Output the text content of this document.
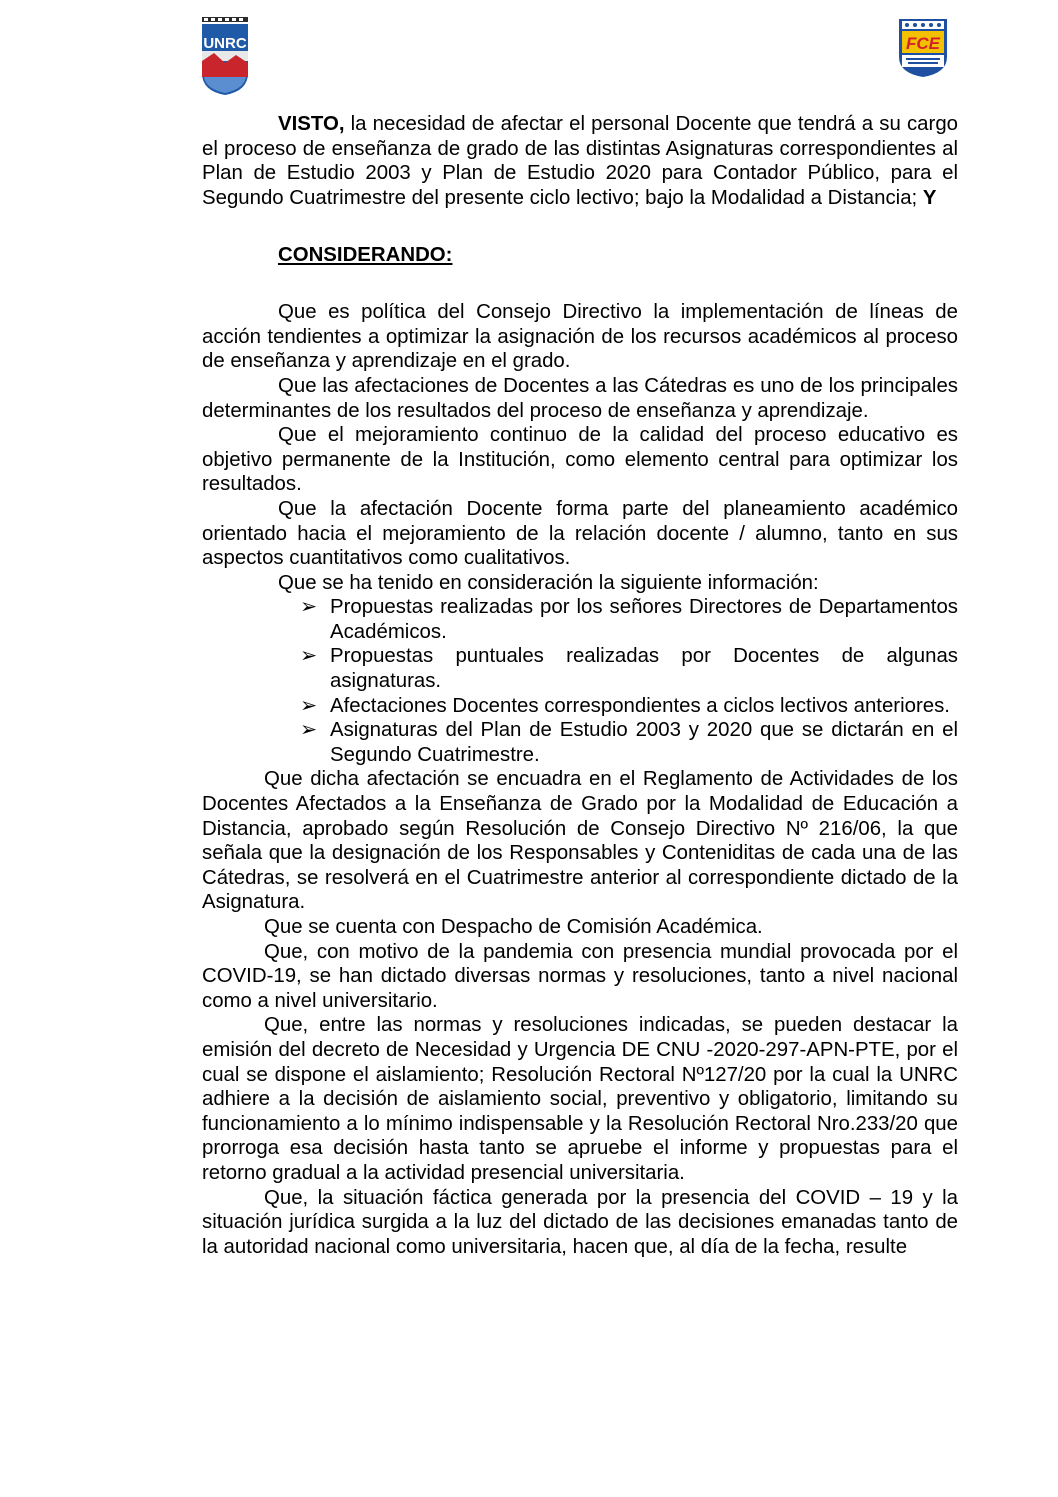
UNRC	FCE

VISTO, la necesidad de afectar el personal Docente que tendrá a su cargo el proceso de enseñanza de grado de las distintas Asignaturas correspondientes al Plan de Estudio 2003 y Plan de Estudio 2020 para Contador Público, para el Segundo Cuatrimestre del presente ciclo lectivo; bajo la Modalidad a Distancia; Y

CONSIDERANDO:

Que es política del Consejo Directivo la implementación de líneas de acción tendientes a optimizar la asignación de los recursos académicos al proceso de enseñanza y aprendizaje en el grado.

Que las afectaciones de Docentes a las Cátedras es uno de los principales determinantes de los resultados del proceso de enseñanza y aprendizaje.

Que el mejoramiento continuo de la calidad del proceso educativo es objetivo permanente de la Institución, como elemento central para optimizar los resultados.

Que la afectación Docente forma parte del planeamiento académico orientado hacia el mejoramiento de la relación docente / alumno, tanto en sus aspectos cuantitativos como cualitativos.

Que se ha tenido en consideración la siguiente información:

➢ Propuestas realizadas por los señores Directores de Departamentos Académicos.
➢ Propuestas puntuales realizadas por Docentes de algunas asignaturas.
➢ Afectaciones Docentes correspondientes a ciclos lectivos anteriores.
➢ Asignaturas del Plan de Estudio 2003 y 2020 que se dictarán en el Segundo Cuatrimestre.

Que dicha afectación se encuadra en el Reglamento de Actividades de los Docentes Afectados a la Enseñanza de Grado por la Modalidad de Educación a Distancia, aprobado según Resolución de Consejo Directivo Nº 216/06, la que señala que la designación de los Responsables y Conteniditas de cada una de las Cátedras, se resolverá en el Cuatrimestre anterior al correspondiente dictado de la Asignatura.

Que se cuenta con Despacho de Comisión Académica.

Que, con motivo de la pandemia con presencia mundial provocada por el COVID-19, se han dictado diversas normas y resoluciones, tanto a nivel nacional como a nivel universitario.

Que, entre las normas y resoluciones indicadas, se pueden destacar la emisión del decreto de Necesidad y Urgencia DE CNU -2020-297-APN-PTE, por el cual se dispone el aislamiento; Resolución Rectoral Nº127/20 por la cual la UNRC adhiere a la decisión de aislamiento social, preventivo y obligatorio, limitando su funcionamiento a lo mínimo indispensable y la Resolución Rectoral Nro.233/20 que prorroga esa decisión hasta tanto se apruebe el informe y propuestas para el retorno gradual a la actividad presencial universitaria.

Que, la situación fáctica generada por la presencia del COVID – 19 y la situación jurídica surgida a la luz del dictado de las decisiones emanadas tanto de la autoridad nacional como universitaria, hacen que, al día de la fecha, resulte
